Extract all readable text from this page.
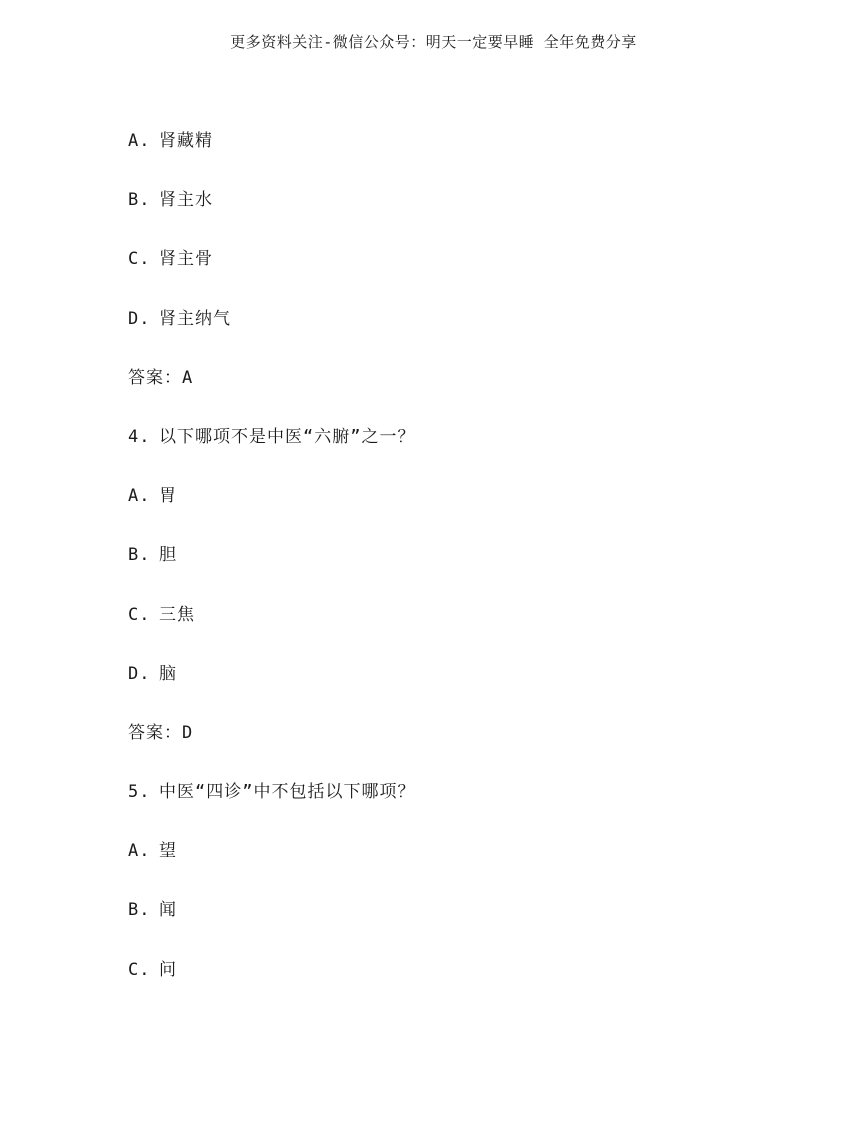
更多资料关注-微信公众号：明天一定要早睡 全年免费分享
A. 肾藏精
B. 肾主水
C. 肾主骨
D. 肾主纳气
答案：A
4. 以下哪项不是中医“六腑”之一？
A. 胃
B. 胆
C. 三焦
D. 脑
答案：D
5. 中医“四诊”中不包括以下哪项？
A. 望
B. 闻
C. 问
